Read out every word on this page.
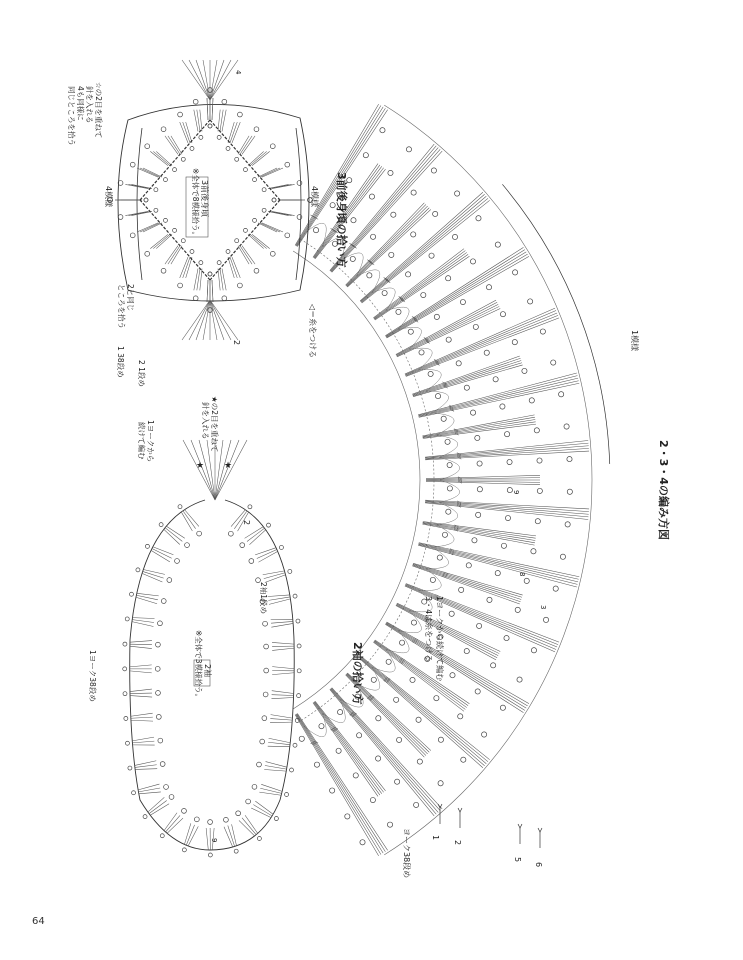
2・3・4の編み方図
1模様
1ヨークから続けて編む
3・4は糸をつける
ヨーク38段め	1
2
5
6
3
9
8
3前後身頃
※全体で8模様拾う。	3前後身頃の拾い方
4模様
4模様
◁＝糸をつける
☆の2目を重ねて
針を入れる
4も同様に
同じところを拾う
2と同じ
ところを拾う
2 1段め
1 38段め
2
4
2袖
※全体で3模様拾う。	2袖の拾い方
★の2目を重ねて
針を入れる
1ヨークから
続けて編む
2袖1段め
1ヨーク38段め
2
9
★ ★
64
